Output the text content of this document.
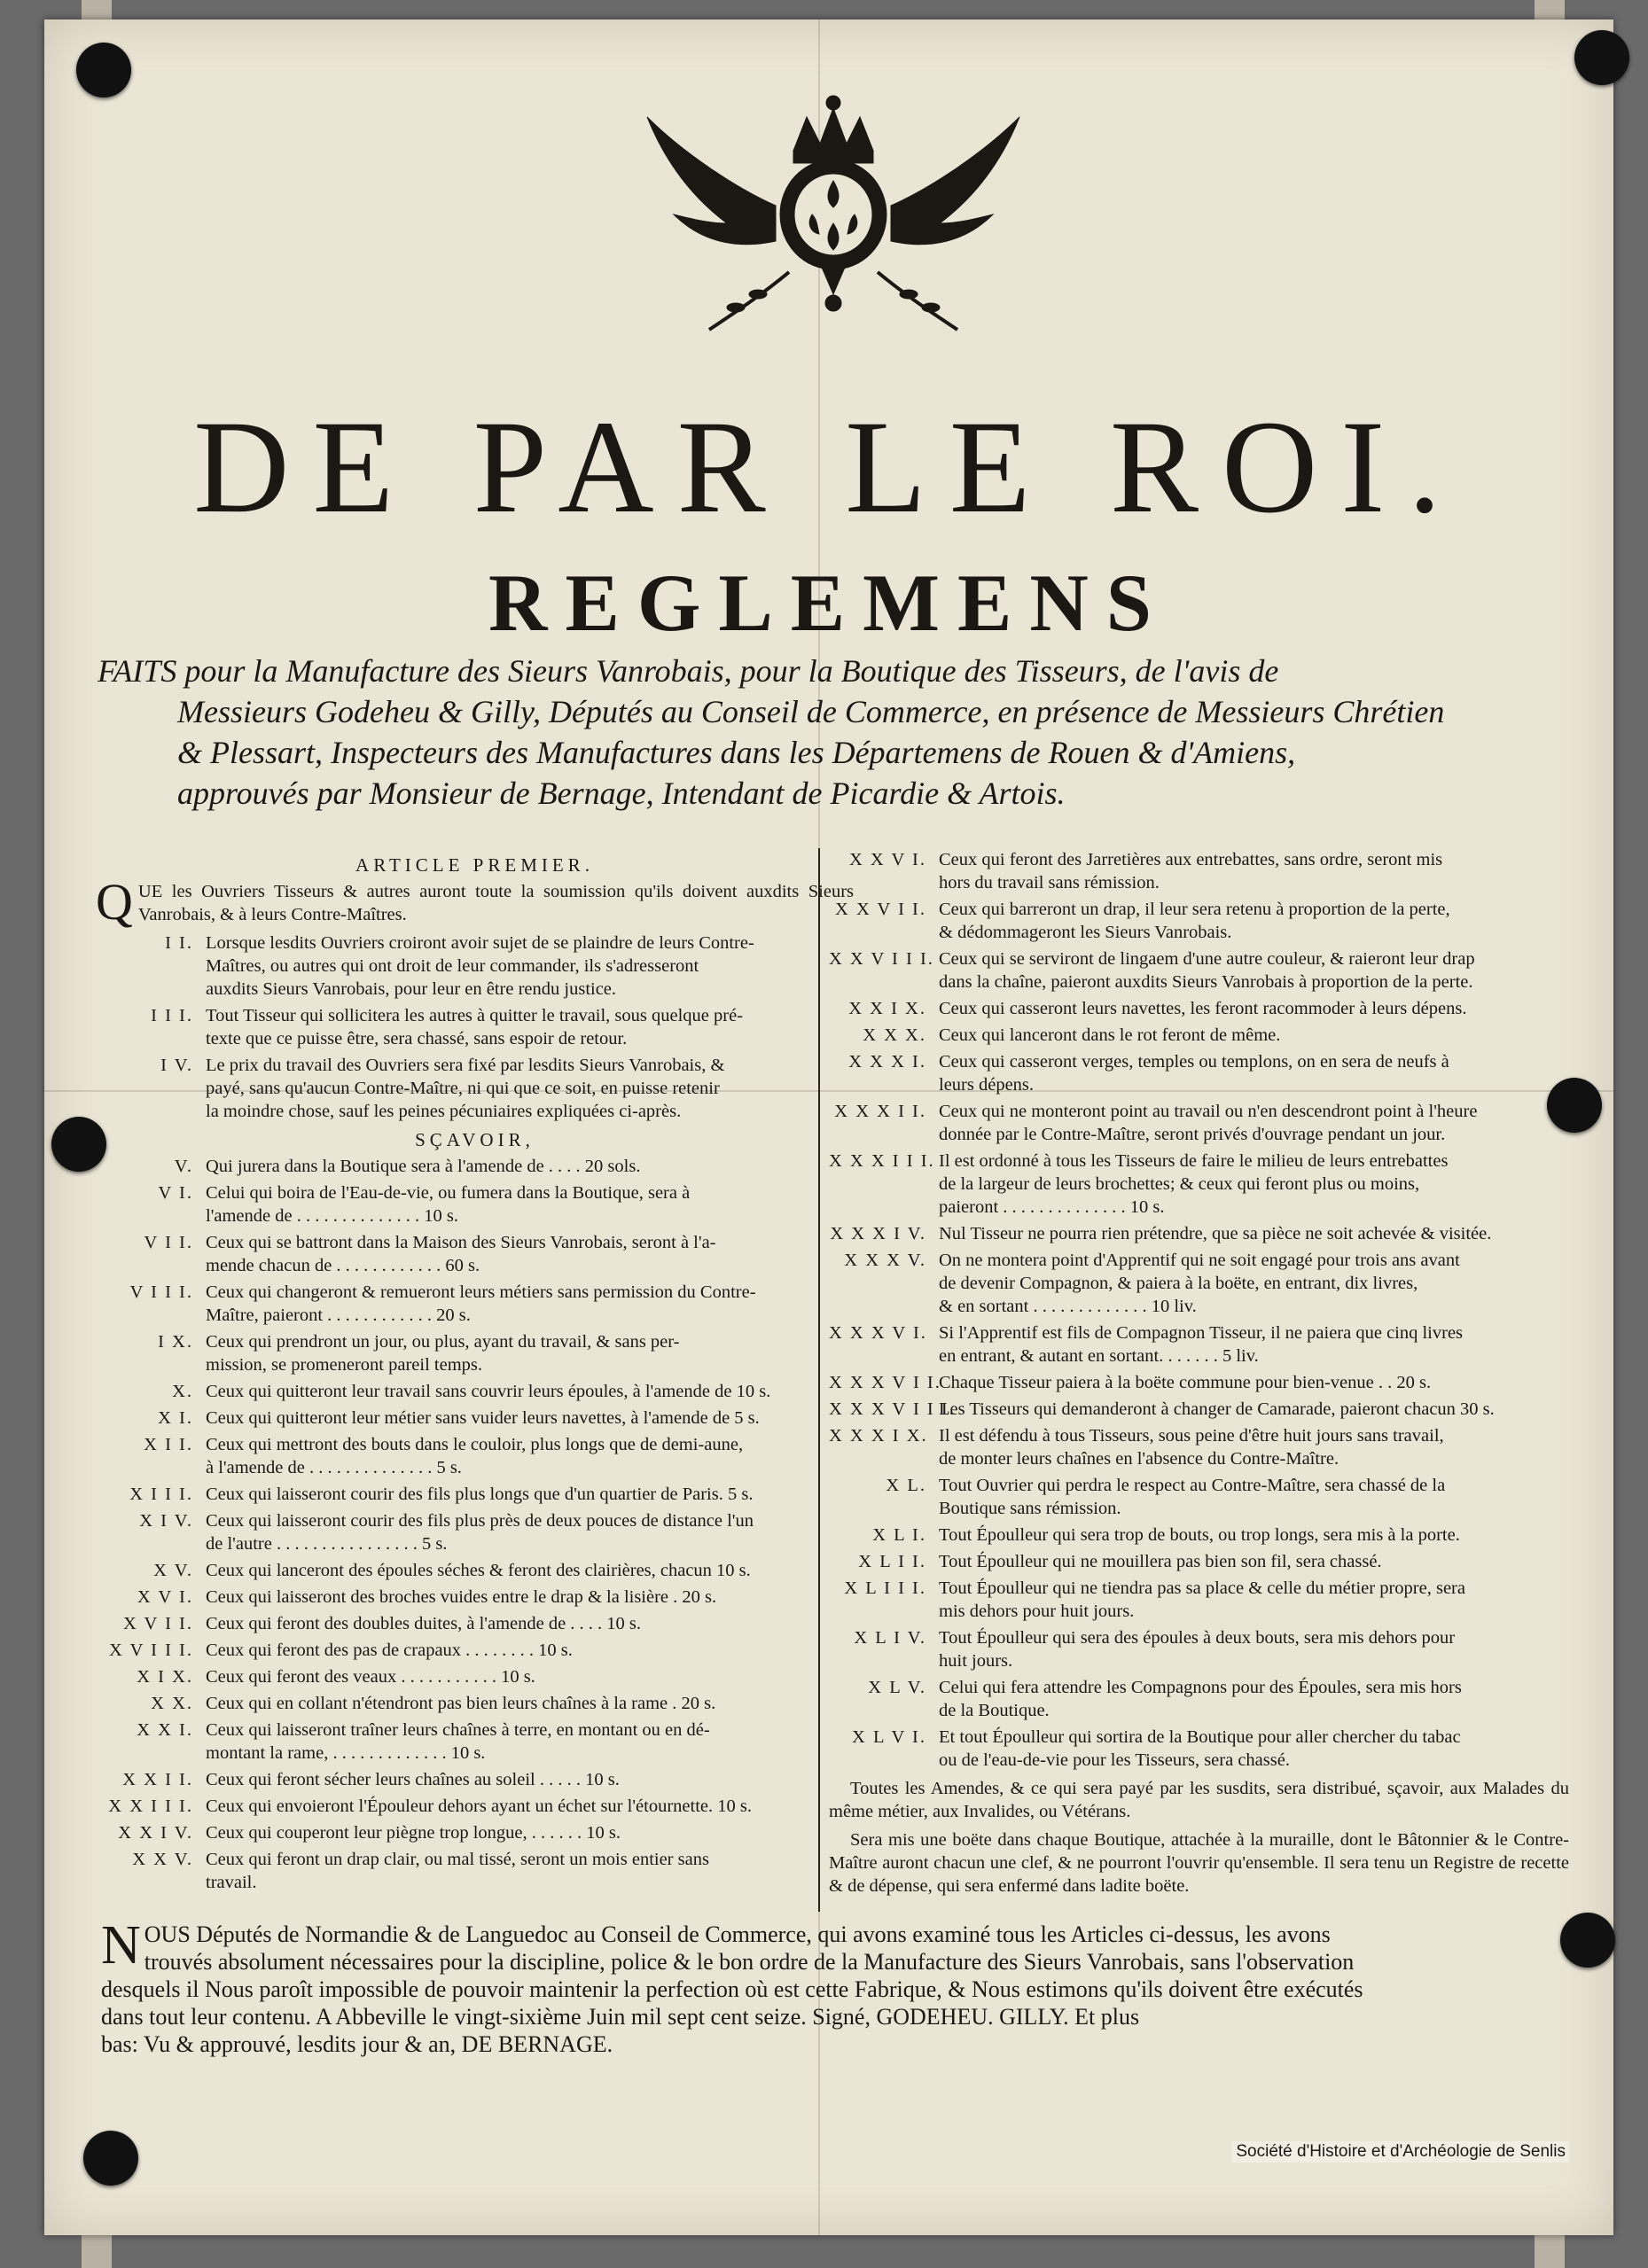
DE PAR LE ROI.
REGLEMENS
FAITS pour la Manufacture des Sieurs Vanrobais, pour la Boutique des Tisseurs, de l'avis de
Messieurs Godeheu & Gilly, Députés au Conseil de Commerce, en présence de Messieurs Chrétien
& Plessart, Inspecteurs des Manufactures dans les Départemens de Rouen & d'Amiens,
approuvés par Monsieur de Bernage, Intendant de Picardie & Artois.
ARTICLE PREMIER.

QUE les Ouvriers Tisseurs & autres auront toute la soumission qu'ils doivent auxdits Sieurs Vanrobais, & à leurs Contre-Maîtres.

I I. Lorsque lesdits Ouvriers croiront avoir sujet de se plaindre de leurs Contre-
Maîtres, ou autres qui ont droit de leur commander, ils s'adresseront
auxdits Sieurs Vanrobais, pour leur en être rendu justice.
I I I. Tout Tisseur qui sollicitera les autres à quitter le travail, sous quelque pré-
texte que ce puisse être, sera chassé, sans espoir de retour.
I V. Le prix du travail des Ouvriers sera fixé par lesdits Sieurs Vanrobais, &
payé, sans qu'aucun Contre-Maître, ni qui que ce soit, en puisse retenir
la moindre chose, sauf les peines pécuniaires expliquées ci-après.
SÇAVOIR,
V. Qui jurera dans la Boutique sera à l'amende de . . . . 20 sols.
V I. Celui qui boira de l'Eau-de-vie, ou fumera dans la Boutique, sera à
l'amende de . . . . . . . . . . . . . . 10 s.
V I I. Ceux qui se battront dans la Maison des Sieurs Vanrobais, seront à l'a-
mende chacun de . . . . . . . . . . . . 60 s.
V I I I. Ceux qui changeront & remueront leurs métiers sans permission du Contre-
Maître, paieront . . . . . . . . . . . . 20 s.
I X. Ceux qui prendront un jour, ou plus, ayant du travail, & sans per-
mission, se promeneront pareil temps.
X. Ceux qui quitteront leur travail sans couvrir leurs époules, à l'amende de 10 s.
X I. Ceux qui quitteront leur métier sans vuider leurs navettes, à l'amende de 5 s.
X I I. Ceux qui mettront des bouts dans le couloir, plus longs que de demi-aune,
à l'amende de . . . . . . . . . . . . . . 5 s.
X I I I. Ceux qui laisseront courir des fils plus longs que d'un quartier de Paris. 5 s.
X I V. Ceux qui laisseront courir des fils plus près de deux pouces de distance l'un
de l'autre . . . . . . . . . . . . . . . . 5 s.
X V. Ceux qui lanceront des époules séches & feront des clairières, chacun 10 s.
X V I. Ceux qui laisseront des broches vuides entre le drap & la lisière . 20 s.
X V I I. Ceux qui feront des doubles duites, à l'amende de . . . . 10 s.
X V I I I. Ceux qui feront des pas de crapaux . . . . . . . . 10 s.
X I X. Ceux qui feront des veaux . . . . . . . . . . . 10 s.
X X. Ceux qui en collant n'étendront pas bien leurs chaînes à la rame . 20 s.
X X I. Ceux qui laisseront traîner leurs chaînes à terre, en montant ou en dé-
montant la rame, . . . . . . . . . . . . . 10 s.
X X I I. Ceux qui feront sécher leurs chaînes au soleil . . . . . 10 s.
X X I I I. Ceux qui envoieront l'Épouleur dehors ayant un échet sur l'étournette. 10 s.
X X I V. Ceux qui couperont leur piègne trop longue, . . . . . . 10 s.
X X V. Ceux qui feront un drap clair, ou mal tissé, seront un mois entier sans
travail.
X X V I. Ceux qui feront des Jarretières aux entrebattes, sans ordre, seront mis
hors du travail sans rémission.
X X V I I. Ceux qui barreront un drap, il leur sera retenu à proportion de la perte,
& dédommageront les Sieurs Vanrobais.
X X V I I I. Ceux qui se serviront de lingaem d'une autre couleur, & raieront leur drap
dans la chaîne, paieront auxdits Sieurs Vanrobais à proportion de la perte.
X X I X. Ceux qui casseront leurs navettes, les feront racommoder à leurs dépens.
X X X. Ceux qui lanceront dans le rot feront de même.
X X X I. Ceux qui casseront verges, temples ou templons, on en sera de neufs à
leurs dépens.
X X X I I. Ceux qui ne monteront point au travail ou n'en descendront point à l'heure
donnée par le Contre-Maître, seront privés d'ouvrage pendant un jour.
X X X I I I. Il est ordonné à tous les Tisseurs de faire le milieu de leurs entrebattes
de la largeur de leurs brochettes; & ceux qui feront plus ou moins,
paieront . . . . . . . . . . . . . . 10 s.
X X X I V. Nul Tisseur ne pourra rien prétendre, que sa pièce ne soit achevée & visitée.
X X X V. On ne montera point d'Apprentif qui ne soit engagé pour trois ans avant
de devenir Compagnon, & paiera à la boëte, en entrant, dix livres,
& en sortant . . . . . . . . . . . . . 10 liv.
X X X V I. Si l'Apprentif est fils de Compagnon Tisseur, il ne paiera que cinq livres
en entrant, & autant en sortant. . . . . . . 5 liv.
X X X V I I.
Chaque Tisseur paiera à la boëte commune pour bien-venue . . 20 s.
X X X V I I I.
Les Tisseurs qui demanderont à changer de Camarade, paieront chacun 30 s.
X X X I X. Il est défendu à tous Tisseurs, sous peine d'être huit jours sans travail,
de monter leurs chaînes en l'absence du Contre-Maître.
X L. Tout Ouvrier qui perdra le respect au Contre-Maître, sera chassé de la
Boutique sans rémission.
X L I. Tout Époulleur qui sera trop de bouts, ou trop longs, sera mis à la porte.
X L I I. Tout Époulleur qui ne mouillera pas bien son fil, sera chassé.
X L I I I. Tout Époulleur qui ne tiendra pas sa place & celle du métier propre, sera
mis dehors pour huit jours.
X L I V. Tout Époulleur qui sera des époules à deux bouts, sera mis dehors pour
huit jours.
X L V. Celui qui fera attendre les Compagnons pour des Époules, sera mis hors
de la Boutique.
X L V I. Et tout Époulleur qui sortira de la Boutique pour aller chercher du tabac
ou de l'eau-de-vie pour les Tisseurs, sera chassé.

Toutes les Amendes, & ce qui sera payé par les susdits, sera distribué, sçavoir, aux Malades du même métier, aux Invalides, ou Vétérans.

Sera mis une boëte dans chaque Boutique, attachée à la muraille, dont le Bâtonnier & le Contre-Maître auront chacun une clef, & ne pourront l'ouvrir qu'ensemble. Il sera tenu un Registre de recette & de dépense, qui sera enfermé dans ladite boëte.

N OUS Députés de Normandie & de Languedoc au Conseil de Commerce, qui avons examiné tous les Articles ci-dessus, les avons
trouvés absolument nécessaires pour la discipline, police & le bon ordre de la Manufacture des Sieurs Vanrobais, sans l'observation
desquels il Nous paroît impossible de pouvoir maintenir la perfection où est cette Fabrique, & Nous estimons qu'ils doivent être exécutés
dans tout leur contenu. A Abbeville le vingt-sixième Juin mil sept cent seize. Signé, GODEHEU. GILLY. Et plus
bas: Vu & approuvé, lesdits jour & an, DE BERNAGE.
Société d'Histoire et d'Archéologie de Senlis
